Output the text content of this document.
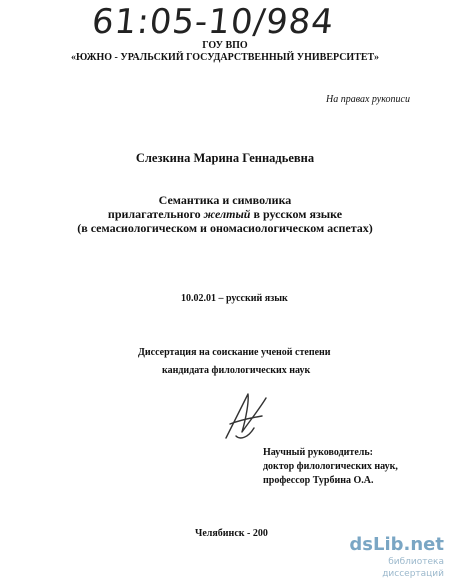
61:05-10/984
ГОУ ВПО
«ЮЖНО - УРАЛЬСКИЙ ГОСУДАРСТВЕННЫЙ УНИВЕРСИТЕТ»
На правах рукописи
Слезкина Марина Геннадьевна
Семантика и символика
прилагательного желтый в русском языке
(в семасиологическом и ономасиологическом аспетах)
10.02.01 – русский язык
Диссертация на соискание ученой степени
кандидата филологических наук
Научный руководитель:
доктор филологических наук,
профессор Турбина О.А.
Челябинск - 200
dsLib.net
библиотека диссертаций
